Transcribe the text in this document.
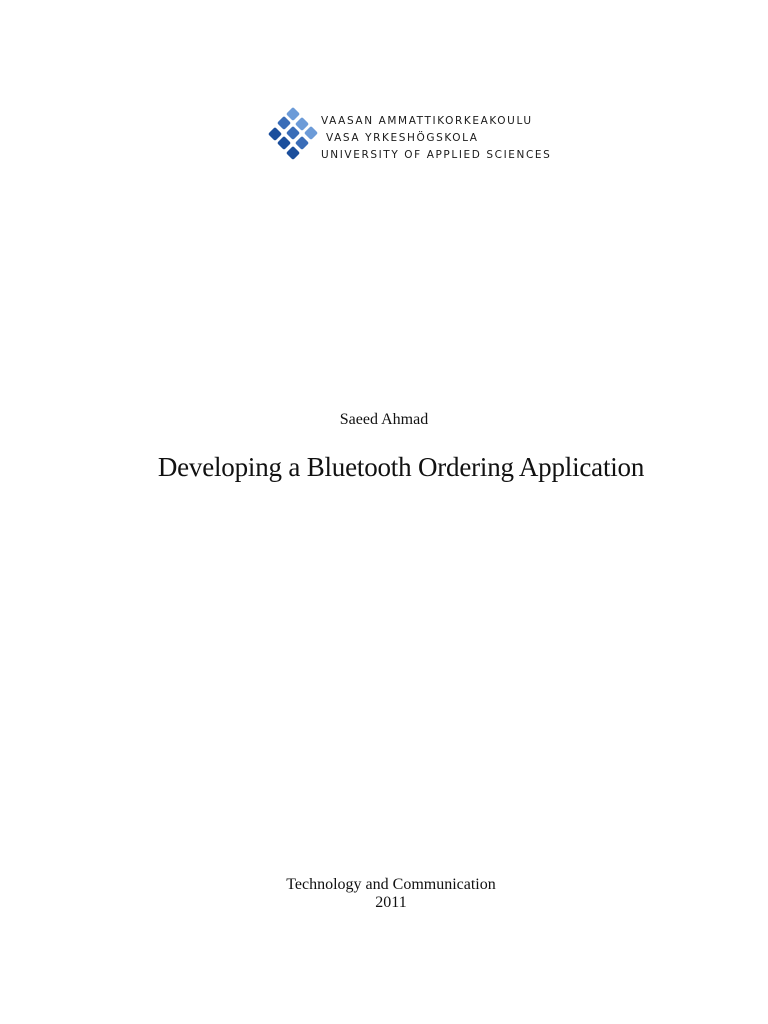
VAASAN AMMATTIKORKEAKOULU
VASA YRKESHÖGSKOLA
UNIVERSITY OF APPLIED SCIENCES
Saeed Ahmad
Developing a Bluetooth Ordering Application
Technology and Communication
2011
